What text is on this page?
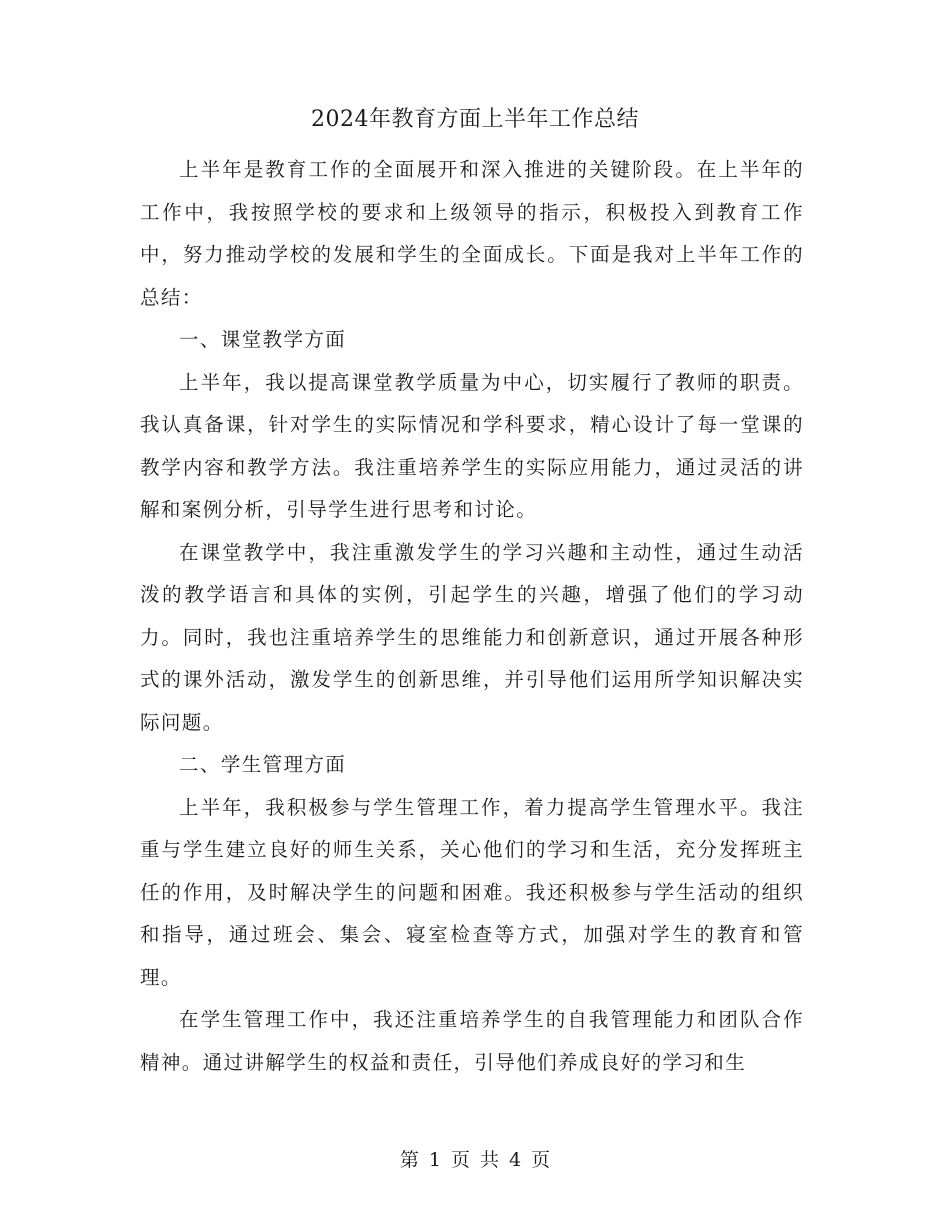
2024年教育方面上半年工作总结

上半年是教育工作的全面展开和深入推进的关键阶段。在上半年的工作中，我按照学校的要求和上级领导的指示，积极投入到教育工作中，努力推动学校的发展和学生的全面成长。下面是我对上半年工作的总结：

一、课堂教学方面

上半年，我以提高课堂教学质量为中心，切实履行了教师的职责。我认真备课，针对学生的实际情况和学科要求，精心设计了每一堂课的教学内容和教学方法。我注重培养学生的实际应用能力，通过灵活的讲解和案例分析，引导学生进行思考和讨论。

在课堂教学中，我注重激发学生的学习兴趣和主动性，通过生动活泼的教学语言和具体的实例，引起学生的兴趣，增强了他们的学习动力。同时，我也注重培养学生的思维能力和创新意识，通过开展各种形式的课外活动，激发学生的创新思维，并引导他们运用所学知识解决实际问题。

二、学生管理方面

上半年，我积极参与学生管理工作，着力提高学生管理水平。我注重与学生建立良好的师生关系，关心他们的学习和生活，充分发挥班主任的作用，及时解决学生的问题和困难。我还积极参与学生活动的组织和指导，通过班会、集会、寝室检查等方式，加强对学生的教育和管理。

在学生管理工作中，我还注重培养学生的自我管理能力和团队合作精神。通过讲解学生的权益和责任，引导他们养成良好的学习和生

第 1 页 共 4 页
